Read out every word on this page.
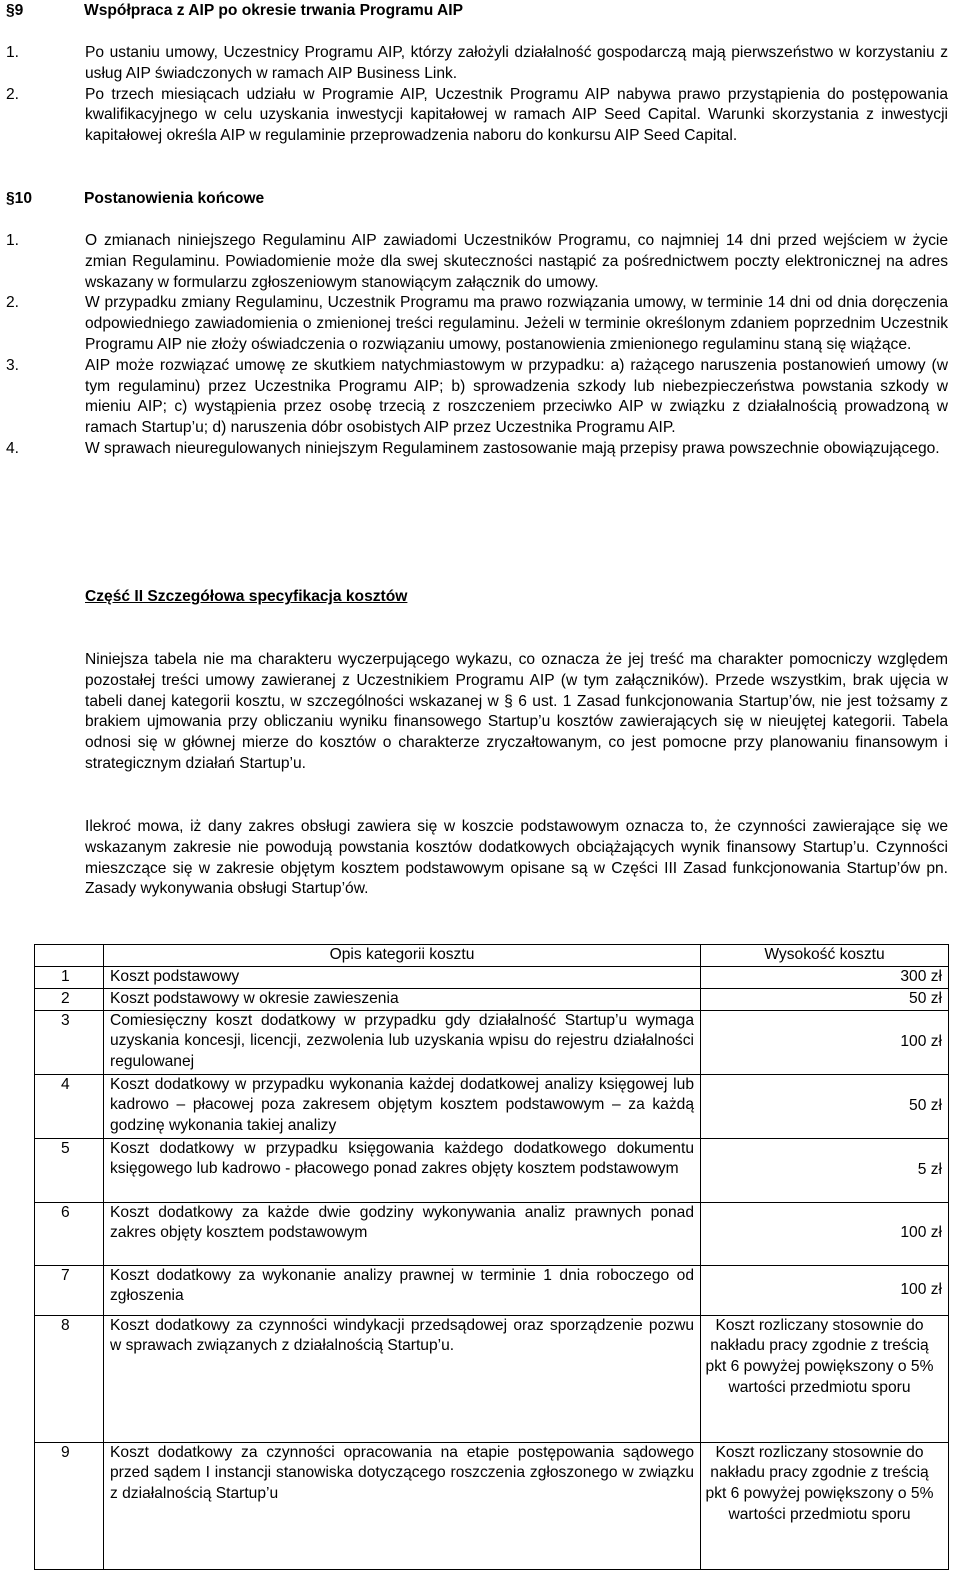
§9	Współpraca z AIP po okresie trwania Programu AIP
1.	Po ustaniu umowy, Uczestnicy Programu AIP, którzy założyli działalność gospodarczą mają pierwszeństwo w korzystaniu z usług AIP świadczonych w ramach AIP Business Link.
2.	Po trzech miesiącach udziału w Programie AIP, Uczestnik Programu AIP nabywa prawo przystąpienia do postępowania kwalifikacyjnego w celu uzyskania inwestycji kapitałowej w ramach AIP Seed Capital. Warunki skorzystania z inwestycji kapitałowej określa AIP w regulaminie przeprowadzenia naboru do konkursu AIP Seed Capital.
§10	Postanowienia końcowe
1.	O zmianach niniejszego Regulaminu AIP zawiadomi Uczestników Programu, co najmniej 14 dni przed wejściem w życie zmian Regulaminu. Powiadomienie może dla swej skuteczności nastąpić za pośrednictwem poczty elektronicznej na adres wskazany w formularzu zgłoszeniowym stanowiącym załącznik do umowy.
2.	W przypadku zmiany Regulaminu, Uczestnik Programu ma prawo rozwiązania umowy, w terminie 14 dni od dnia doręczenia odpowiedniego zawiadomienia o zmienionej treści regulaminu. Jeżeli w terminie określonym zdaniem poprzednim Uczestnik Programu AIP nie złoży oświadczenia o rozwiązaniu umowy, postanowienia zmienionego regulaminu staną się wiążące.
3.	AIP może rozwiązać umowę ze skutkiem natychmiastowym w przypadku: a) rażącego naruszenia postanowień umowy (w tym regulaminu) przez Uczestnika Programu AIP; b) sprowadzenia szkody lub niebezpieczeństwa powstania szkody w mieniu AIP; c) wystąpienia przez osobę trzecią z roszczeniem przeciwko AIP w związku z działalnością prowadzoną w ramach Startup’u; d) naruszenia dóbr osobistych AIP przez Uczestnika Programu AIP.
4.	W sprawach nieuregulowanych niniejszym Regulaminem zastosowanie mają przepisy prawa powszechnie obowiązującego.
Część II Szczegółowa specyfikacja kosztów
Niniejsza tabela nie ma charakteru wyczerpującego wykazu, co oznacza że jej treść ma charakter pomocniczy względem pozostałej treści umowy zawieranej z Uczestnikiem Programu AIP (w tym załączników). Przede wszystkim, brak ujęcia w tabeli danej kategorii kosztu, w szczególności wskazanej w § 6 ust. 1 Zasad funkcjonowania Startup’ów, nie jest tożsamy z brakiem ujmowania przy obliczaniu wyniku finansowego Startup’u kosztów zawierających się w nieujętej kategorii. Tabela odnosi się w głównej mierze do kosztów o charakterze zryczałtowanym, co jest pomocne przy planowaniu finansowym i strategicznym działań Startup’u.
Ilekroć mowa, iż dany zakres obsługi zawiera się w koszcie podstawowym oznacza to, że czynności zawierające się we wskazanym zakresie nie powodują powstania kosztów dodatkowych obciążających wynik finansowy Startup’u. Czynności mieszczące się w zakresie objętym kosztem podstawowym opisane są w Części III Zasad funkcjonowania Startup’ów pn. Zasady wykonywania obsługi Startup’ów.
	Opis kategorii kosztu	Wysokość kosztu
1	Koszt podstawowy	300 zł
2	Koszt podstawowy w okresie zawieszenia	50 zł
3	Comiesięczny koszt dodatkowy w przypadku gdy działalność Startup’u wymaga uzyskania koncesji, licencji, zezwolenia lub uzyskania wpisu do rejestru działalności regulowanej	100 zł
4	Koszt dodatkowy w przypadku wykonania każdej dodatkowej analizy księgowej lub kadrowo – płacowej poza zakresem objętym kosztem podstawowym – za każdą godzinę wykonania takiej analizy	50 zł
5	Koszt dodatkowy w przypadku księgowania każdego dodatkowego dokumentu księgowego lub kadrowo - płacowego ponad zakres objęty kosztem podstawowym	5 zł
6	Koszt dodatkowy za każde dwie godziny wykonywania analiz prawnych ponad zakres objęty kosztem podstawowym	100 zł
7	Koszt dodatkowy za wykonanie analizy prawnej w terminie 1 dnia roboczego od zgłoszenia	100 zł
8	Koszt dodatkowy za czynności windykacji przedsądowej oraz sporządzenie pozwu w sprawach związanych z działalnością Startup’u.	Koszt rozliczany stosownie do nakładu pracy zgodnie z treścią pkt 6 powyżej powiększony o 5% wartości przedmiotu sporu
9	Koszt dodatkowy za czynności opracowania na etapie postępowania sądowego przed sądem I instancji stanowiska dotyczącego roszczenia zgłoszonego w związku z działalnością Startup’u	Koszt rozliczany stosownie do nakładu pracy zgodnie z treścią pkt 6 powyżej powiększony o 5% wartości przedmiotu sporu
